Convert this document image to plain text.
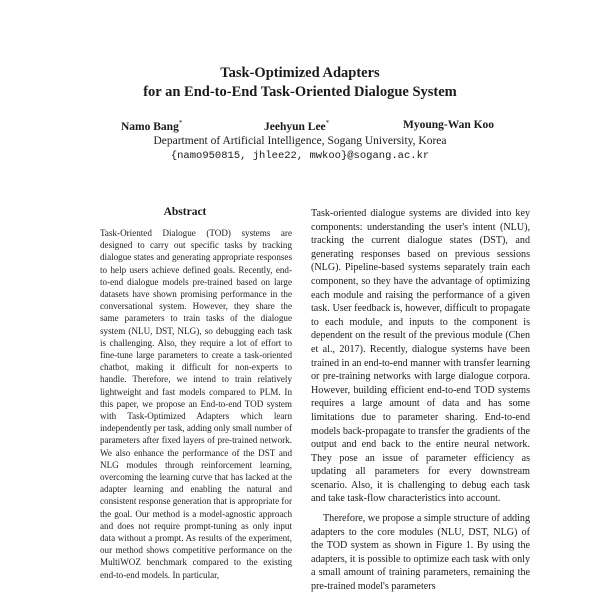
Task-Optimized Adapters
for an End-to-End Task-Oriented Dialogue System
Namo Bang*	Jeehyun Lee*	Myoung-Wan Koo
Department of Artificial Intelligence, Sogang University, Korea
{namo950815, jhlee22, mwkoo}@sogang.ac.kr
Abstract
Task-Oriented Dialogue (TOD) systems are designed to carry out specific tasks by tracking dialogue states and generating appropriate responses to help users achieve defined goals. Recently, end-to-end dialogue models pre-trained based on large datasets have shown promising performance in the conversational system. However, they share the same parameters to train tasks of the dialogue system (NLU, DST, NLG), so debugging each task is challenging. Also, they require a lot of effort to fine-tune large parameters to create a task-oriented chatbot, making it difficult for non-experts to handle. Therefore, we intend to train relatively lightweight and fast models compared to PLM. In this paper, we propose an End-to-end TOD system with Task-Optimized Adapters which learn independently per task, adding only small number of parameters after fixed layers of pre-trained network. We also enhance the performance of the DST and NLG modules through reinforcement learning, overcoming the learning curve that has lacked at the adapter learning and enabling the natural and consistent response generation that is appropriate for the goal. Our method is a model-agnostic approach and does not require prompt-tuning as only input data without a prompt. As results of the experiment, our method shows competitive performance on the MultiWOZ benchmark compared to the existing end-to-end models. In particular,

Task-oriented dialogue systems are divided into key components: understanding the user's intent (NLU), tracking the current dialogue states (DST), and generating responses based on previous sessions (NLG). Pipeline-based systems separately train each component, so they have the advantage of optimizing each module and raising the performance of a given task. User feedback is, however, difficult to propagate to each module, and inputs to the component is dependent on the result of the previous module (Chen et al., 2017). Recently, dialogue systems have been trained in an end-to-end manner with transfer learning or pre-training networks with large dialogue corpora. However, building efficient end-to-end TOD systems requires a large amount of data and has some limitations due to parameter sharing. End-to-end models back-propagate to transfer the gradients of the output and end back to the entire neural network. They pose an issue of parameter efficiency as updating all parameters for every downstream scenario. Also, it is challenging to debug each task and take task-flow characteristics into account.

Therefore, we propose a simple structure of adding adapters to the core modules (NLU, DST, NLG) of the TOD system as shown in Figure 1. By using the adapters, it is possible to optimize each task with only a small amount of training parameters, remaining the pre-trained model's parameters
